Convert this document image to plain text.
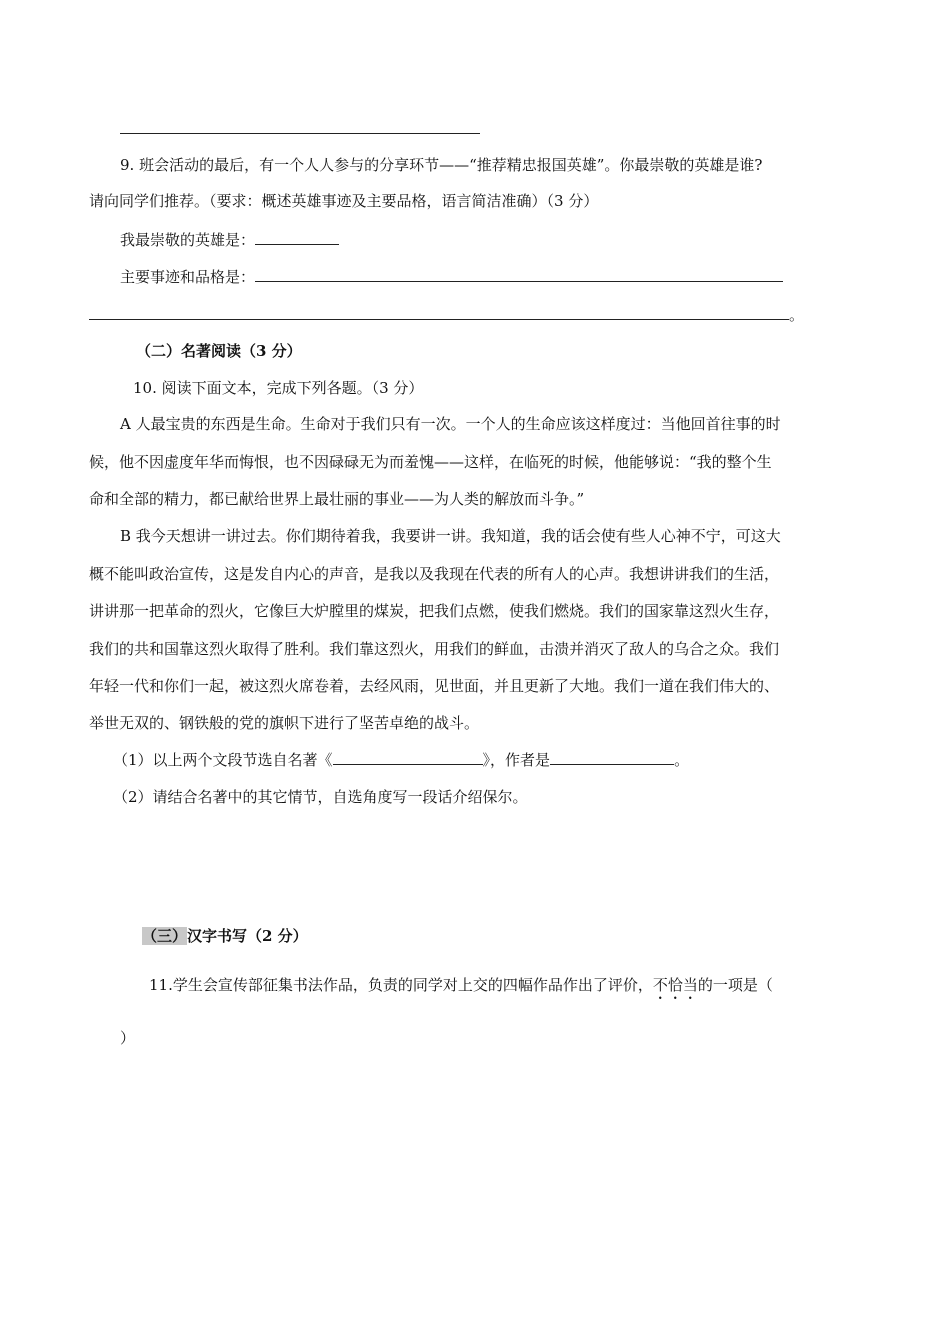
9. 班会活动的最后，有一个人人参与的分享环节——“推荐精忠报国英雄”。你最崇敬的英雄是谁?
请向同学们推荐。（要求：概述英雄事迹及主要品格，语言简洁准确）（3 分）
我最崇敬的英雄是：
主要事迹和品格是：
。
（二）名著阅读（3 分）
10. 阅读下面文本，完成下列各题。（3 分）
A 人最宝贵的东西是生命。生命对于我们只有一次。一个人的生命应该这样度过：当他回首往事的时
候，他不因虚度年华而悔恨，也不因碌碌无为而羞愧——这样，在临死的时候，他能够说：“我的整个生
命和全部的精力，都已献给世界上最壮丽的事业——为人类的解放而斗争。”
B 我今天想讲一讲过去。你们期待着我，我要讲一讲。我知道，我的话会使有些人心神不宁，可这大
概不能叫政治宣传，这是发自内心的声音，是我以及我现在代表的所有人的心声。我想讲讲我们的生活，
讲讲那一把革命的烈火，它像巨大炉膛里的煤炭，把我们点燃，使我们燃烧。我们的国家靠这烈火生存，
我们的共和国靠这烈火取得了胜利。我们靠这烈火，用我们的鲜血，击溃并消灭了敌人的乌合之众。我们
年轻一代和你们一起，被这烈火席卷着，去经风雨，见世面，并且更新了大地。我们一道在我们伟大的、
举世无双的、钢铁般的党的旗帜下进行了坚苦卓绝的战斗。
（1）以上两个文段节选自名著《	》，作者是	。
（2）请结合名著中的其它情节，自选角度写一段话介绍保尔。
（三）汉字书写（2 分）
11.学生会宣传部征集书法作品，负责的同学对上交的四幅作品作出了评价，不恰当的一项是（
）
